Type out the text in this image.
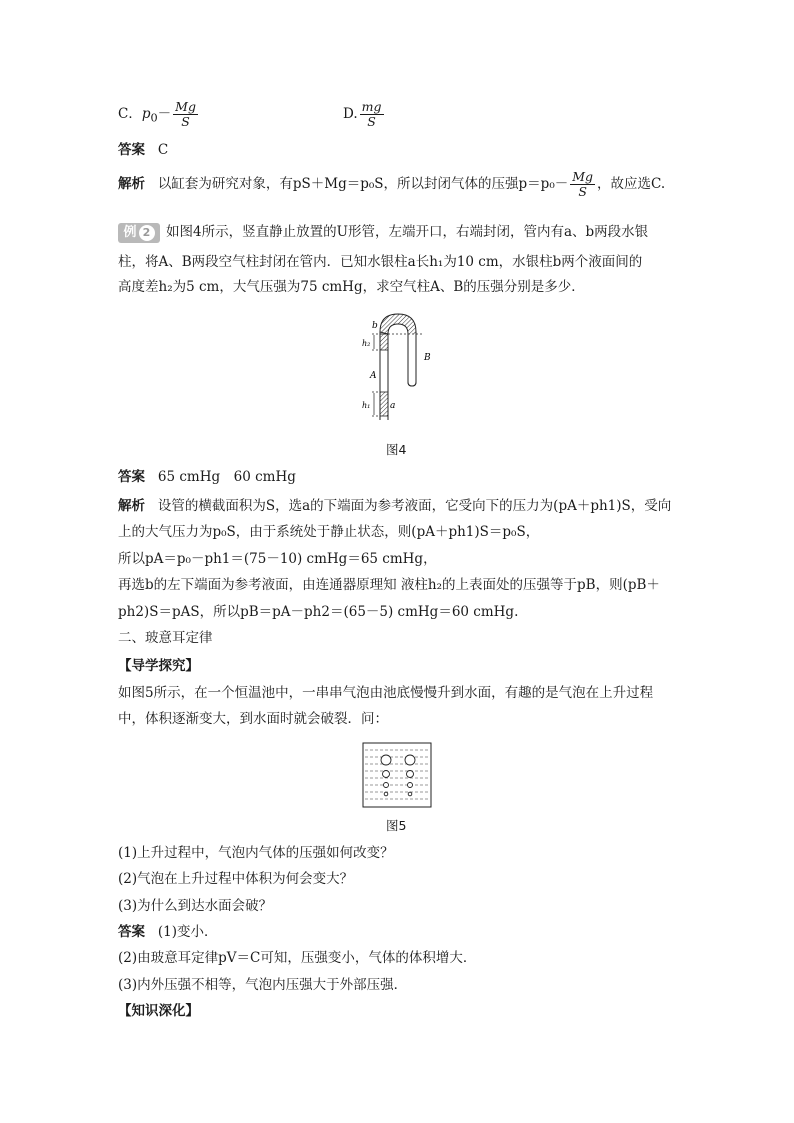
C．$p_0- \frac{Mg}{S}$	D. $\frac{mg}{S}$
答案 C
解析 以缸套为研究对象，有pS＋Mg＝p₀S，所以封闭气体的压强$p=p_0- \frac{Mg}{S}$ ，故应选C.
例 2 如图4所示，竖直静止放置的U形管，左端开口，右端封闭，管内有a、b两段水银
柱，将A、B两段空气柱封闭在管内．已知水银柱a长h₁为10 cm，水银柱b两个液面间的
高度差h₂为5 cm，大气压强为75 cmHg，求空气柱A、B的压强分别是多少．
b
h₂
A
h₁ a
B
图4
答案 65 cmHg　60 cmHg
解析 设管的横截面积为S，选a的下端面为参考液面，它受向下的压力为(pA＋ph1)S，受向
上的大气压力为p₀S，由于系统处于静止状态，则(pA＋ph1)S＝p₀S，
所以pA＝p₀－ph1＝(75－10) cmHg＝65 cmHg，
再选b的左下端面为参考液面，由连通器原理知 液柱h₂的上表面处的压强等于pB，则(pB＋
ph2)S＝pAS，所以pB＝pA－ph2＝(65－5) cmHg＝60 cmHg.
二、玻意耳定律
【导学探究】
如图5所示，在一个恒温池中，一串串气泡由池底慢慢升到水面，有趣的是气泡在上升过程
中，体积逐渐变大，到水面时就会破裂．问：
图5
(1)上升过程中，气泡内气体的压强如何改变？
(2)气泡在上升过程中体积为何会变大？
(3)为什么到达水面会破？
答案 (1)变小．
(2)由玻意耳定律pV＝C可知，压强变小，气体的体积增大．
(3)内外压强不相等，气泡内压强大于外部压强．
【知识深化】
